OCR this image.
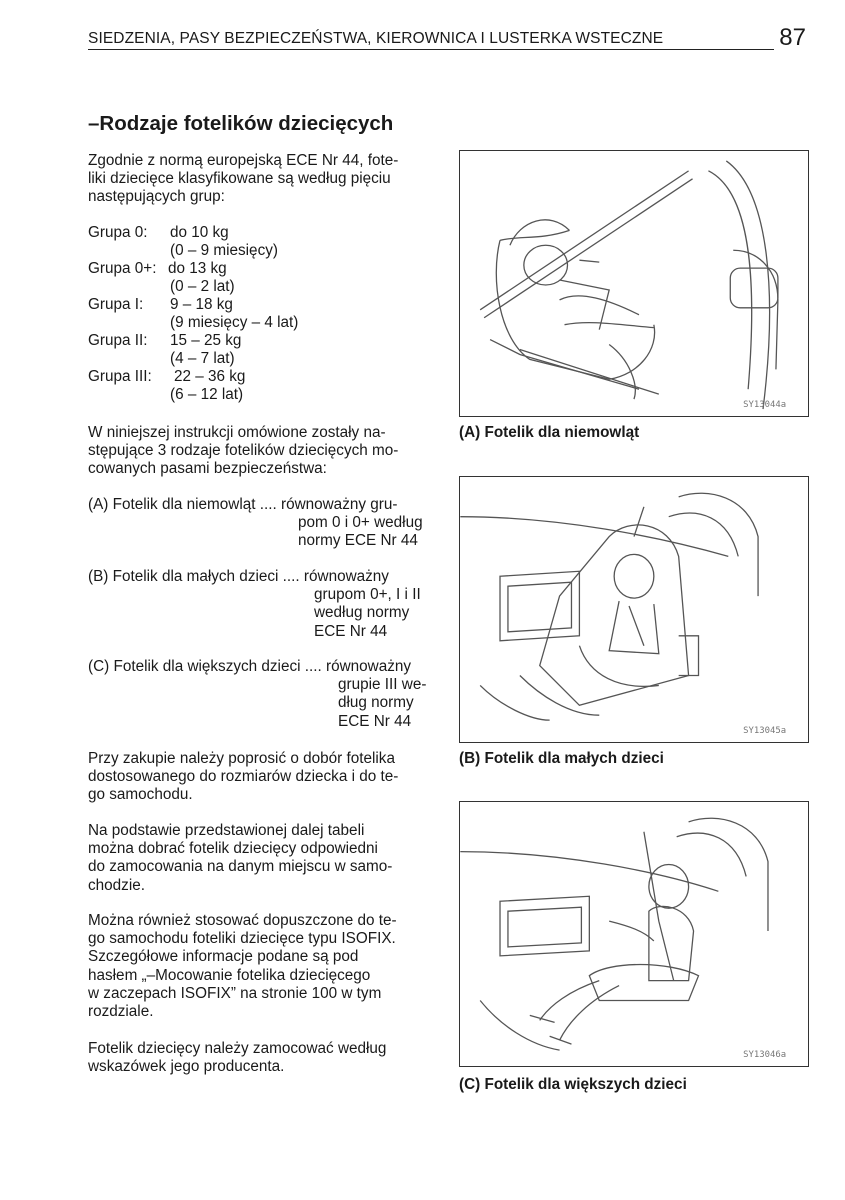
SIEDZENIA, PASY BEZPIECZEŃSTWA, KIEROWNICA I LUSTERKA WSTECZNE	87
–Rodzaje fotelików dziecięcych
Zgodnie z normą europejską ECE Nr 44, fote-
liki dziecięce klasyfikowane są według pięciu
następujących grup:
Grupa 0: do 10 kg
(0 – 9 miesięcy)
Grupa 0+: do 13 kg
(0 – 2 lat)
Grupa I: 9 – 18 kg
(9 miesięcy – 4 lat)
Grupa II: 15 – 25 kg
(4 – 7 lat)
Grupa III: 22 – 36 kg
(6 – 12 lat)
W niniejszej instrukcji omówione zostały na-
stępujące 3 rodzaje fotelików dziecięcych mo-
cowanych pasami bezpieczeństwa:
(A) Fotelik dla niemowląt .... równoważny gru-
pom 0 i 0+ według
normy ECE Nr 44
(B) Fotelik dla małych dzieci .... równoważny
grupom 0+, I i II
według normy
ECE Nr 44
(C) Fotelik dla większych dzieci .... równoważny
grupie III we-
dług normy
ECE Nr 44
Przy zakupie należy poprosić o dobór fotelika
dostosowanego do rozmiarów dziecka i do te-
go samochodu.
Na podstawie przedstawionej dalej tabeli
można dobrać fotelik dziecięcy odpowiedni
do zamocowania na danym miejscu w samo-
chodzie.
Można również stosować dopuszczone do te-
go samochodu foteliki dziecięce typu ISOFIX.
Szczegółowe informacje podane są pod
hasłem „–Mocowanie fotelika dziecięcego
w zaczepach ISOFIX” na stronie 100 w tym
rozdziale.
Fotelik dziecięcy należy zamocować według
wskazówek jego producenta.
SY13044a
(A) Fotelik dla niemowląt
SY13045a
(B) Fotelik dla małych dzieci
SY13046a
(C) Fotelik dla większych dzieci
